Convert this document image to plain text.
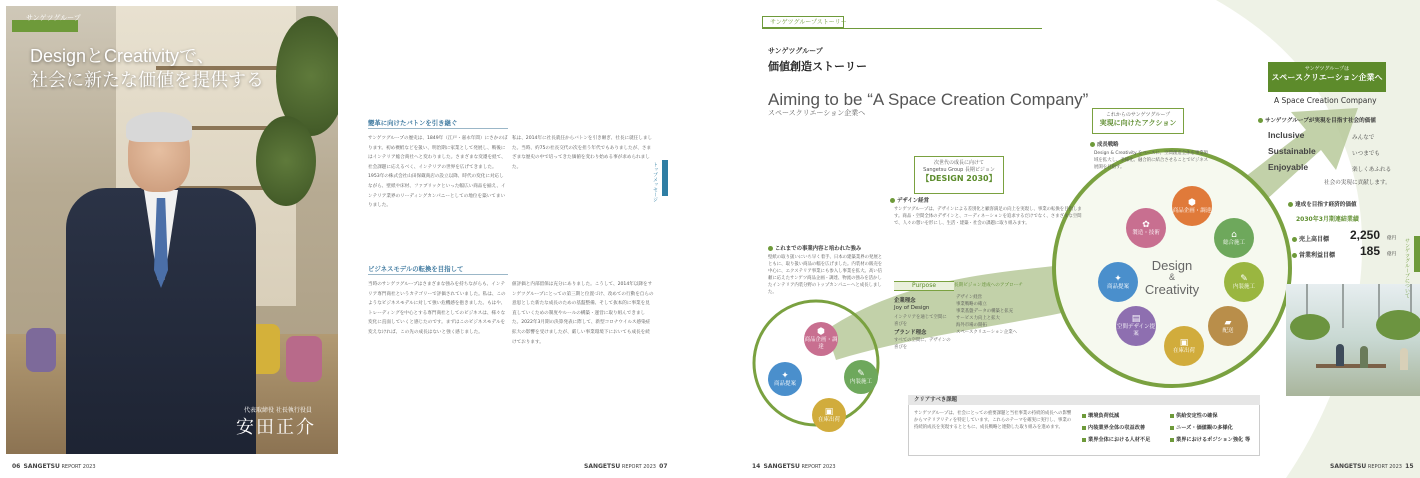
サンゲツグループ
DesignとCreativityで、
社会に新たな価値を提供する
代表取締役 社長執行役員
安田正介
變革に向けたバトンを引き継ぐ
サンゲツグループの歴史は、1849年（江戸・嘉永年間）にさかのぼります。初め襖紙などを扱い、明治期に家業として発展し、戦後にはインテリア総合商社へと変わりました。さまざまな変遷を経て、社会課題に応えるべく、インテリアの世界を広げてきました。1953年の株式会社山田保蔵商店の設立以降、時代の変化に対応しながら、壁紙や床材、ファブリックといった幅広い商品を揃え、インテリア業界のリーディングカンパニーとしての地位を築いてまいりました。
ビジネスモデルの転換を目指して
当時のサンゲツグループはさまざまな強みを持ちながらも、インテリア専門商社というカテゴリーで評価されていました。私は、このようなビジネスモデルに対して強い危機感を抱きました。もはや、トレーディングを中心とする専門商社としてのビジネスは、様々な変化に直面していくと感じたのです。まずはこのビジネスモデルを変えなければ、この先の成長はないと強く感じました。
私は、2014年に社長就任からバトンを引き継ぎ、社長に就任しました。当時、約75の社長交代の次を担う年代でもありましたが、さまざまな歴史の中で培ってきた価値を変わり始める事が求められました。
値評価と内部留保は充分にありました。こうして、2014年以降をサンゲツグループにとっての第三期と位置づけ、改めての行動を自らの意思とした新たな成長のための基盤整備、そして抜本的に事業を見直していくための制度やルールの構築・運営に取り組んできました。2022年3月期の決算発表に際して、新型コロナウイルス感染症拡大の影響を受けましたが、厳しい事業環境下においても成長を続けております。
トップメッセージ
06 SANGETSU REPORT 2023	SANGETSU REPORT 2023 07
サンゲツグループストーリー
サンゲツグループ
価値創造ストーリー
Aiming to be “A Space Creation Company”
スペースクリエーション企業へ
次世代の成長に向けて
Sangetsu Group 長期ビジョン
【DESIGN 2030】
これからのサンゲツグループ
実現に向けたアクション
サンゲツグループは
スペースクリエーション企業へ
A Space Creation Company
これまでの事業内容と培われた強み
壁紙の取り扱いにいち早く着手、日本の建築業界の発展とともに、取り扱い商品の幅を広げました。内装材の販売を中心に、エクステリア事業にも参入し事業を拡大。高い信頼に応えたサンゲツ商品企画・調達、物流の強みを活かしたインテリア内装分野のトップカンパニーへと成長しました。
⬢
商品企画・調達
✦
商品提案
▣
在庫出荷
✎
内装施工
デザイン経営
サンゲツグループは、デザインによる差別化と顧客満足の向上を実現し、事業の転換を目指します。商品・空間全体のデザインと、コーディネーションを追求するだけでなく、さまざまな空間で、人々の想いを形にし、生活・建築・社会の課題に取り組みます。
Purpose	長期ビジョン達成へのアプローチ
企業理念
Joy of Design
インテリアを通じて空間に喜びを
ブランド理念
すべての空間に、デザインの喜びを
デザイン経営
事業戦略の確立
事業基盤データの構築と拡充
サービス力向上と拡大
海外市場の開拓
スペースクリエーション企業へ
成長戦略
Design & Creativity をベースに、空間創造全体を事業領域を拡大し、多様化、融合的に結合させることでビジネス展開を目指す。
Design
&
Creativity
⬢
商品企画・調達
✿
製造・技術	⌂
総合施工
✎
内装施工
✦
商品提案
▤
空間デザイン提案
▰
配送
▣
在庫出荷
サンゲツグループが実現を目指す社会的価値
Inclusive	みんなで
Sustainable	いつまでも
Enjoyable	楽しくあふれる
社会の実現に貢献します。
達成を目指す経済的価値
2030年3月期連結業績
売上高目標 2,250 億円
営業利益目標 185 億円
クリアすべき課題
サンゲツグループは、社会にとっての重要課題と当社事業の持続的成長への影響からマテリアリティを特定しています。これらのテーマを確実に実行し、事業の持続的成長を実現するとともに、成長戦略と連動した取り組みを進めます。
環境負荷低減
内装業界全体の収益改善
業界全体における人材不足
供給安定性の確保
ニーズ・価値観の多様化
業界におけるポジション強化 等
サンゲツグループについて
14 SANGETSU REPORT 2023	SANGETSU REPORT 2023 15
